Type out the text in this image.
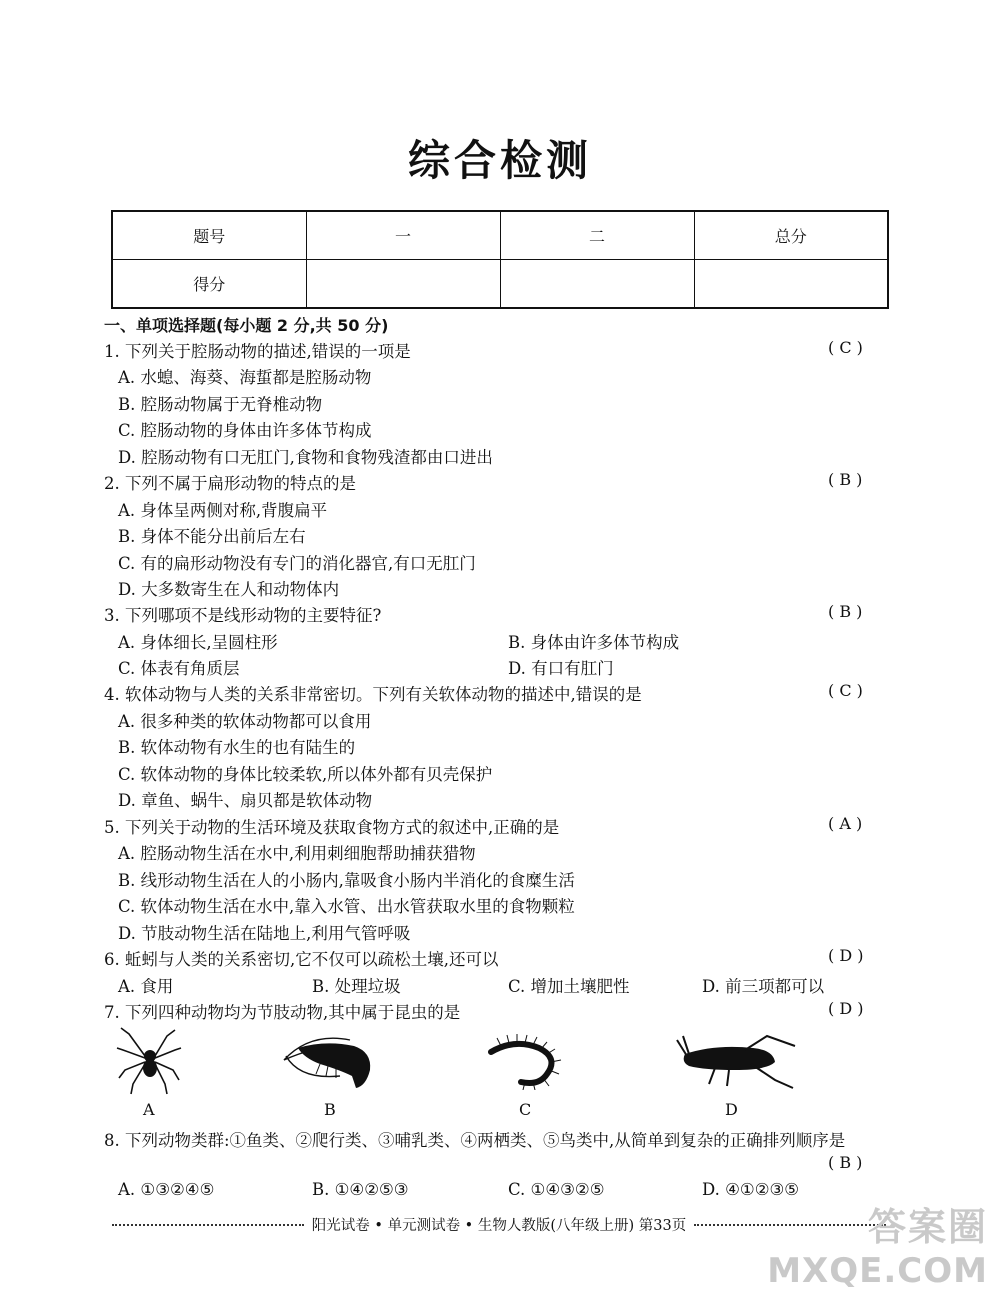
综合检测
题号	一	二	总分
得分			
一、单项选择题(每小题 2 分,共 50 分)
1. 下列关于腔肠动物的描述,错误的一项是	( C )
A. 水螅、海葵、海蜇都是腔肠动物
B. 腔肠动物属于无脊椎动物
C. 腔肠动物的身体由许多体节构成
D. 腔肠动物有口无肛门,食物和食物残渣都由口进出
2. 下列不属于扁形动物的特点的是	( B )
A. 身体呈两侧对称,背腹扁平
B. 身体不能分出前后左右
C. 有的扁形动物没有专门的消化器官,有口无肛门
D. 大多数寄生在人和动物体内
3. 下列哪项不是线形动物的主要特征?	( B )
A. 身体细长,呈圆柱形	B. 身体由许多体节构成
C. 体表有角质层	D. 有口有肛门
4. 软体动物与人类的关系非常密切。下列有关软体动物的描述中,错误的是	( C )
A. 很多种类的软体动物都可以食用
B. 软体动物有水生的也有陆生的
C. 软体动物的身体比较柔软,所以体外都有贝壳保护
D. 章鱼、蜗牛、扇贝都是软体动物
5. 下列关于动物的生活环境及获取食物方式的叙述中,正确的是	( A )
A. 腔肠动物生活在水中,利用刺细胞帮助捕获猎物
B. 线形动物生活在人的小肠内,靠吸食小肠内半消化的食糜生活
C. 软体动物生活在水中,靠入水管、出水管获取水里的食物颗粒
D. 节肢动物生活在陆地上,利用气管呼吸
6. 蚯蚓与人类的关系密切,它不仅可以疏松土壤,还可以	( D )
A. 食用	B. 处理垃圾	C. 增加土壤肥性	D. 前三项都可以
7. 下列四种动物均为节肢动物,其中属于昆虫的是	( D )
A	B	C	D
8. 下列动物类群:①鱼类、②爬行类、③哺乳类、④两栖类、⑤鸟类中,从简单到复杂的正确排列顺序是
( B )
A. ①③②④⑤	B. ①④②⑤③	C. ①④③②⑤	D. ④①②③⑤
阳光试卷 • 单元测试卷 • 生物人教版(八年级上册) 第33页	答案圈
MXQE.COM
